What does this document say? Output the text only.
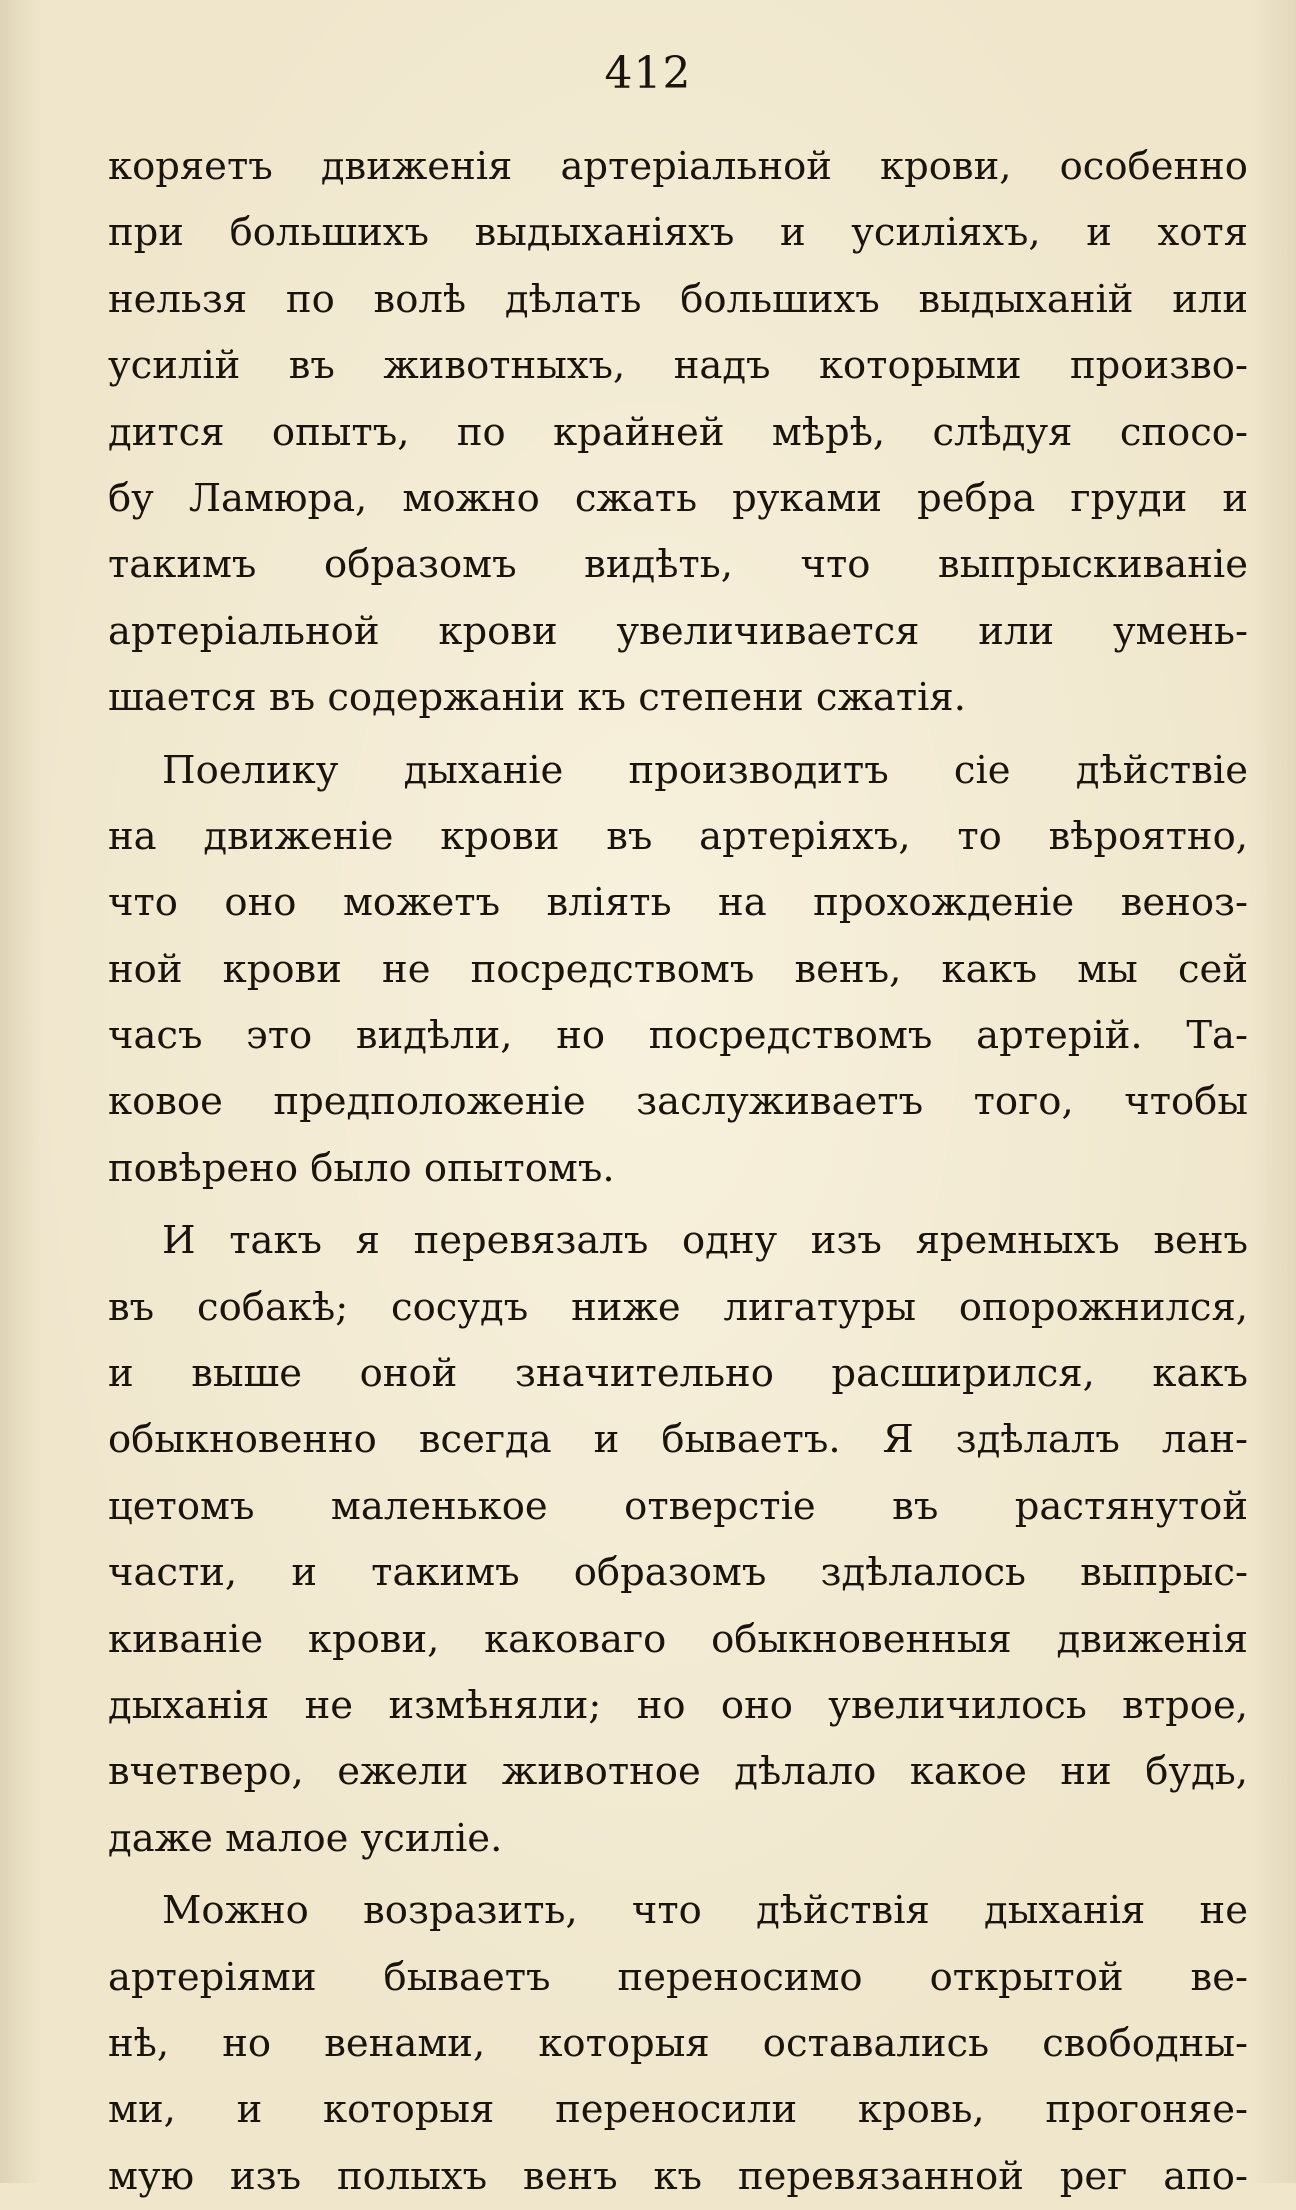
412
коряетъ движенія артеріальной крови, особенно
при большихъ выдыханіяхъ и усиліяхъ, и хотя
нельзя по волѣ дѣлать большихъ выдыханій или
усилій въ животныхъ, надъ которыми произво-
дится опытъ, по крайней мѣрѣ, слѣдуя спосо-
бу Ламюра, можно сжать руками ребра груди и
такимъ образомъ видѣть, что выпрыскиваніе
артеріальной крови увеличивается или умень-
шается въ содержаніи къ степени сжатія.
Поелику дыханіе производитъ сіе дѣйствіе
на движеніе крови въ артеріяхъ, то вѣроятно,
что оно можетъ вліять на прохожденіе веноз-
ной крови не посредствомъ венъ, какъ мы сей
часъ это видѣли, но посредствомъ артерій. Та-
ковое предположеніе заслуживаетъ того, чтобы
повѣрено было опытомъ.
И такъ я перевязалъ одну изъ яремныхъ венъ
въ собакѣ; сосудъ ниже лигатуры опорожнился,
и выше оной значительно расширился, какъ
обыкновенно всегда и бываетъ. Я здѣлалъ лан-
цетомъ маленькое отверстіе въ растянутой
части, и такимъ образомъ здѣлалось выпрыс-
киваніе крови, каковаго обыкновенныя движенія
дыханія не измѣняли; но оно увеличилось втрое,
вчетверо, ежели животное дѣлало какое ни будь,
даже малое усиліе.
Можно возразить, что дѣйствія дыханія не
артеріями бываетъ переносимо открытой ве-
нѣ, но венами, которыя оставались свободны-
ми, и которыя переносили кровь, прогоняе-
мую изъ полыхъ венъ къ перевязанной рег апо-
